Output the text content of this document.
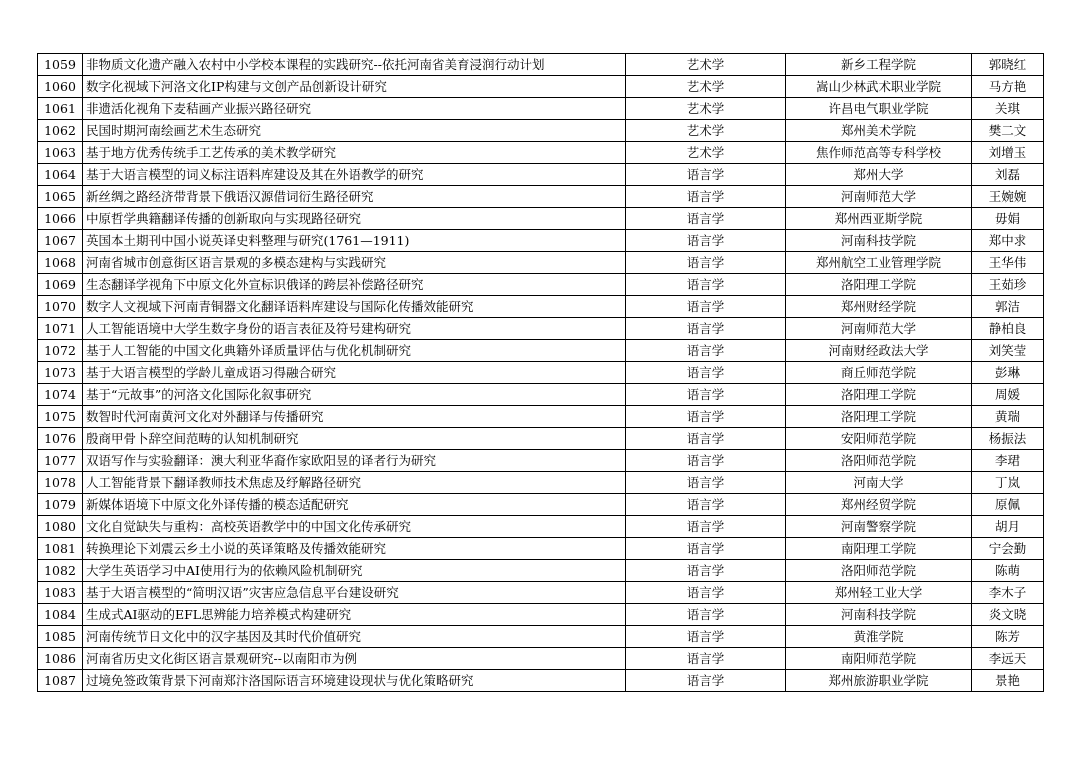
1059	非物质文化遗产融入农村中小学校本课程的实践研究--依托河南省美育浸润行动计划	艺术学	新乡工程学院	郭晓红
1060	数字化视域下河洛文化IP构建与文创产品创新设计研究	艺术学	嵩山少林武术职业学院	马方艳
1061	非遗活化视角下麦秸画产业振兴路径研究	艺术学	许昌电气职业学院	关琪
1062	民国时期河南绘画艺术生态研究	艺术学	郑州美术学院	樊二文
1063	基于地方优秀传统手工艺传承的美术教学研究	艺术学	焦作师范高等专科学校	刘增玉
1064	基于大语言模型的词义标注语料库建设及其在外语教学的研究	语言学	郑州大学	刘磊
1065	新丝绸之路经济带背景下俄语汉源借词衍生路径研究	语言学	河南师范大学	王婉婉
1066	中原哲学典籍翻译传播的创新取向与实现路径研究	语言学	郑州西亚斯学院	毋娟
1067	英国本土期刊中国小说英译史料整理与研究(1761—1911)	语言学	河南科技学院	郑中求
1068	河南省城市创意街区语言景观的多模态建构与实践研究	语言学	郑州航空工业管理学院	王华伟
1069	生态翻译学视角下中原文化外宣标识俄译的跨层补偿路径研究	语言学	洛阳理工学院	王茹珍
1070	数字人文视域下河南青铜器文化翻译语料库建设与国际化传播效能研究	语言学	郑州财经学院	郭洁
1071	人工智能语境中大学生数字身份的语言表征及符号建构研究	语言学	河南师范大学	静柏良
1072	基于人工智能的中国文化典籍外译质量评估与优化机制研究	语言学	河南财经政法大学	刘笑莹
1073	基于大语言模型的学龄儿童成语习得融合研究	语言学	商丘师范学院	彭琳
1074	基于“元故事”的河洛文化国际化叙事研究	语言学	洛阳理工学院	周媛
1075	数智时代河南黄河文化对外翻译与传播研究	语言学	洛阳理工学院	黄瑞
1076	殷商甲骨卜辞空间范畴的认知机制研究	语言学	安阳师范学院	杨振法
1077	双语写作与实验翻译：澳大利亚华裔作家欧阳昱的译者行为研究	语言学	洛阳师范学院	李珺
1078	人工智能背景下翻译教师技术焦虑及纾解路径研究	语言学	河南大学	丁岚
1079	新媒体语境下中原文化外译传播的模态适配研究	语言学	郑州经贸学院	原佩
1080	文化自觉缺失与重构：高校英语教学中的中国文化传承研究	语言学	河南警察学院	胡月
1081	转换理论下刘震云乡土小说的英译策略及传播效能研究	语言学	南阳理工学院	宁会勤
1082	大学生英语学习中AI使用行为的依赖风险机制研究	语言学	洛阳师范学院	陈萌
1083	基于大语言模型的“简明汉语”灾害应急信息平台建设研究	语言学	郑州轻工业大学	李木子
1084	生成式AI驱动的EFL思辨能力培养模式构建研究	语言学	河南科技学院	炎文晓
1085	河南传统节日文化中的汉字基因及其时代价值研究	语言学	黄淮学院	陈芳
1086	河南省历史文化街区语言景观研究--以南阳市为例	语言学	南阳师范学院	李远天
1087	过境免签政策背景下河南郑汴洛国际语言环境建设现状与优化策略研究	语言学	郑州旅游职业学院	景艳
